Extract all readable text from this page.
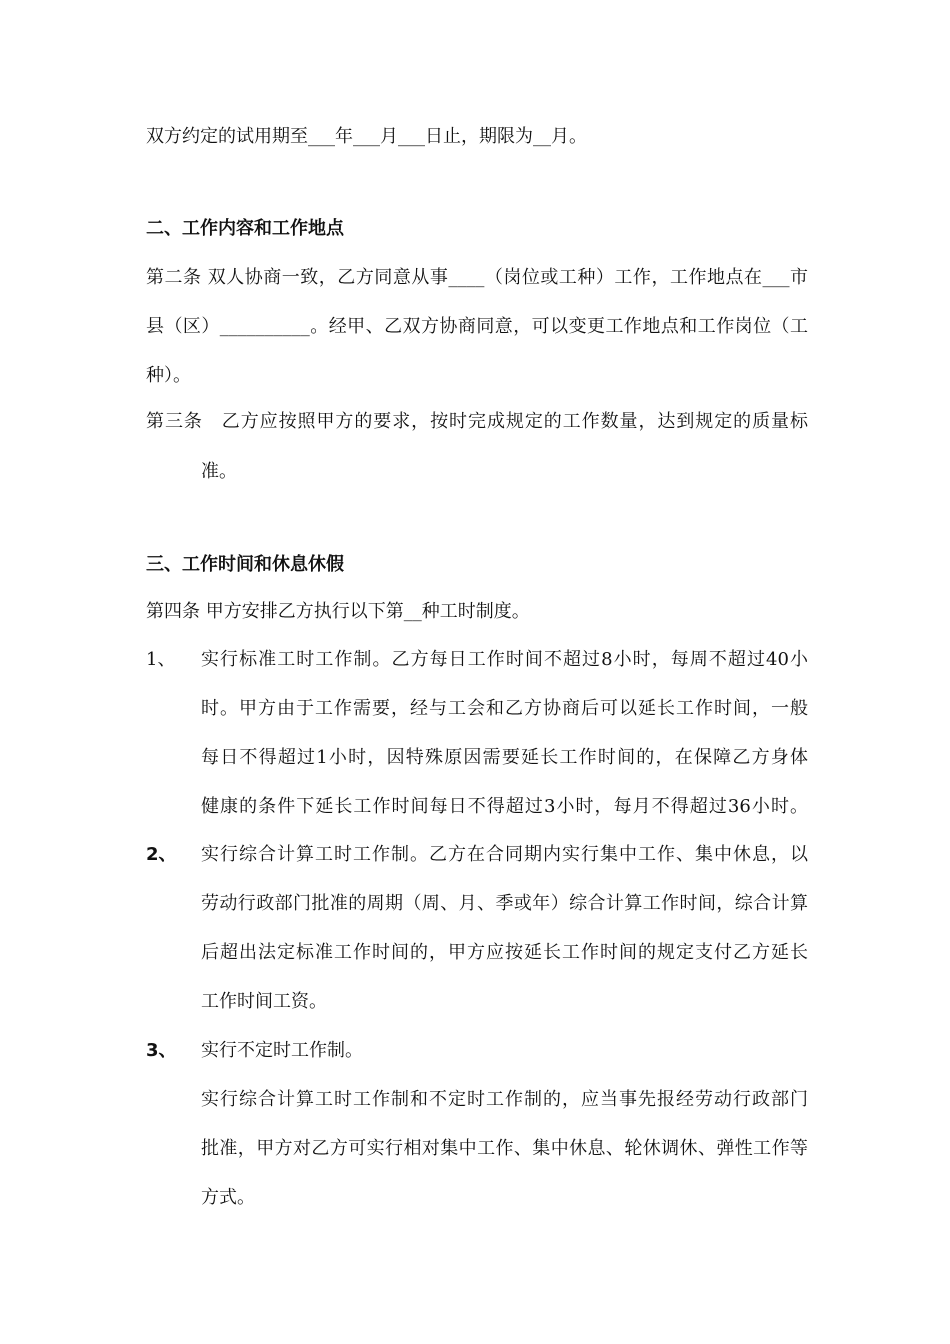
双方约定的试用期至___年___月___日止，期限为__月。
二、工作内容和工作地点
第二条 双人协商一致，乙方同意从事____（岗位或工种）工作，工作地点在___市
县（区）__________。经甲、乙双方协商同意，可以变更工作地点和工作岗位（工
种）。
第三条　乙方应按照甲方的要求，按时完成规定的工作数量，达到规定的质量标
准。
三、工作时间和休息休假
第四条 甲方安排乙方执行以下第__种工时制度。
1、 实行标准工时工作制。乙方每日工作时间不超过8小时，每周不超过40小
时。甲方由于工作需要，经与工会和乙方协商后可以延长工作时间，一般
每日不得超过1小时，因特殊原因需要延长工作时间的，在保障乙方身体
健康的条件下延长工作时间每日不得超过3小时，每月不得超过36小时。
2、 实行综合计算工时工作制。乙方在合同期内实行集中工作、集中休息，以
劳动行政部门批准的周期（周、月、季或年）综合计算工作时间，综合计算
后超出法定标准工作时间的，甲方应按延长工作时间的规定支付乙方延长
工作时间工资。
3、 实行不定时工作制。
实行综合计算工时工作制和不定时工作制的，应当事先报经劳动行政部门
批准，甲方对乙方可实行相对集中工作、集中休息、轮休调休、弹性工作等
方式。
